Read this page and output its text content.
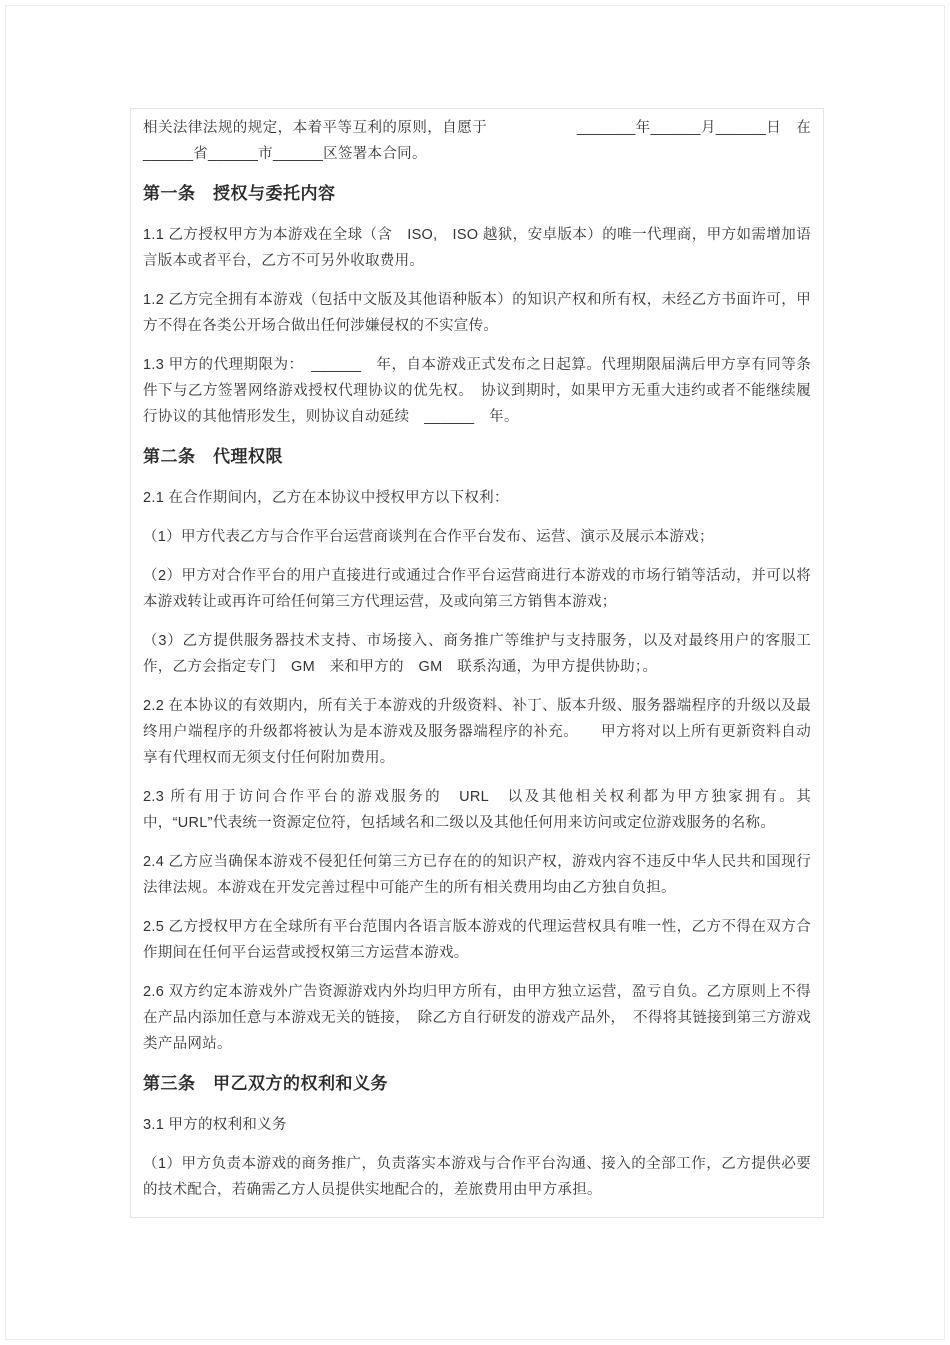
相关法律法规的规定，本着平等互利的原则，自愿于　　　　　　_______年______月______日　在______省______市______区签署本合同。
第一条　授权与委托内容
1.1 乙方授权甲方为本游戏在全球（含　ISO,　ISO 越狱，安卓版本）的唯一代理商，甲方如需增加语言版本或者平台，乙方不可另外收取费用。
1.2 乙方完全拥有本游戏（包括中文版及其他语种版本）的知识产权和所有权，未经乙方书面许可，甲方不得在各类公开场合做出任何涉嫌侵权的不实宣传。
1.3 甲方的代理期限为：　______　年，自本游戏正式发布之日起算。代理期限届满后甲方享有同等条件下与乙方签署网络游戏授权代理协议的优先权。　协议到期时，如果甲方无重大违约或者不能继续履行协议的其他情形发生，则协议自动延续　______　年。
第二条　代理权限
2.1 在合作期间内，乙方在本协议中授权甲方以下权利：
（1）甲方代表乙方与合作平台运营商谈判在合作平台发布、运营、演示及展示本游戏；
（2）甲方对合作平台的用户直接进行或通过合作平台运营商进行本游戏的市场行销等活动，并可以将本游戏转让或再许可给任何第三方代理运营，及或向第三方销售本游戏；
（3）乙方提供服务器技术支持、市场接入、商务推广等维护与支持服务，以及对最终用户的客服工作，乙方会指定专门　GM　来和甲方的　GM　联系沟通，为甲方提供协助；。
2.2 在本协议的有效期内，所有关于本游戏的升级资料、补丁、版本升级、服务器端程序的升级以及最终用户端程序的升级都将被认为是本游戏及服务器端程序的补充。　　甲方将对以上所有更新资料自动享有代理权而无须支付任何附加费用。
2.3 所有用于访问合作平台的游戏服务的　URL　以及其他相关权利都为甲方独家拥有。其中，“URL”代表统一资源定位符，包括域名和二级以及其他任何用来访问或定位游戏服务的名称。
2.4 乙方应当确保本游戏不侵犯任何第三方已存在的的知识产权，游戏内容不违反中华人民共和国现行法律法规。本游戏在开发完善过程中可能产生的所有相关费用均由乙方独自负担。
2.5 乙方授权甲方在全球所有平台范围内各语言版本游戏的代理运营权具有唯一性，乙方不得在双方合作期间在任何平台运营或授权第三方运营本游戏。
2.6 双方约定本游戏外广告资源游戏内外均归甲方所有，由甲方独立运营，盈亏自负。乙方原则上不得在产品内添加任意与本游戏无关的链接，　除乙方自行研发的游戏产品外，　不得将其链接到第三方游戏类产品网站。
第三条　甲乙双方的权利和义务
3.1 甲方的权利和义务
（1）甲方负责本游戏的商务推广，负责落实本游戏与合作平台沟通、接入的全部工作，乙方提供必要的技术配合，若确需乙方人员提供实地配合的，差旅费用由甲方承担。
